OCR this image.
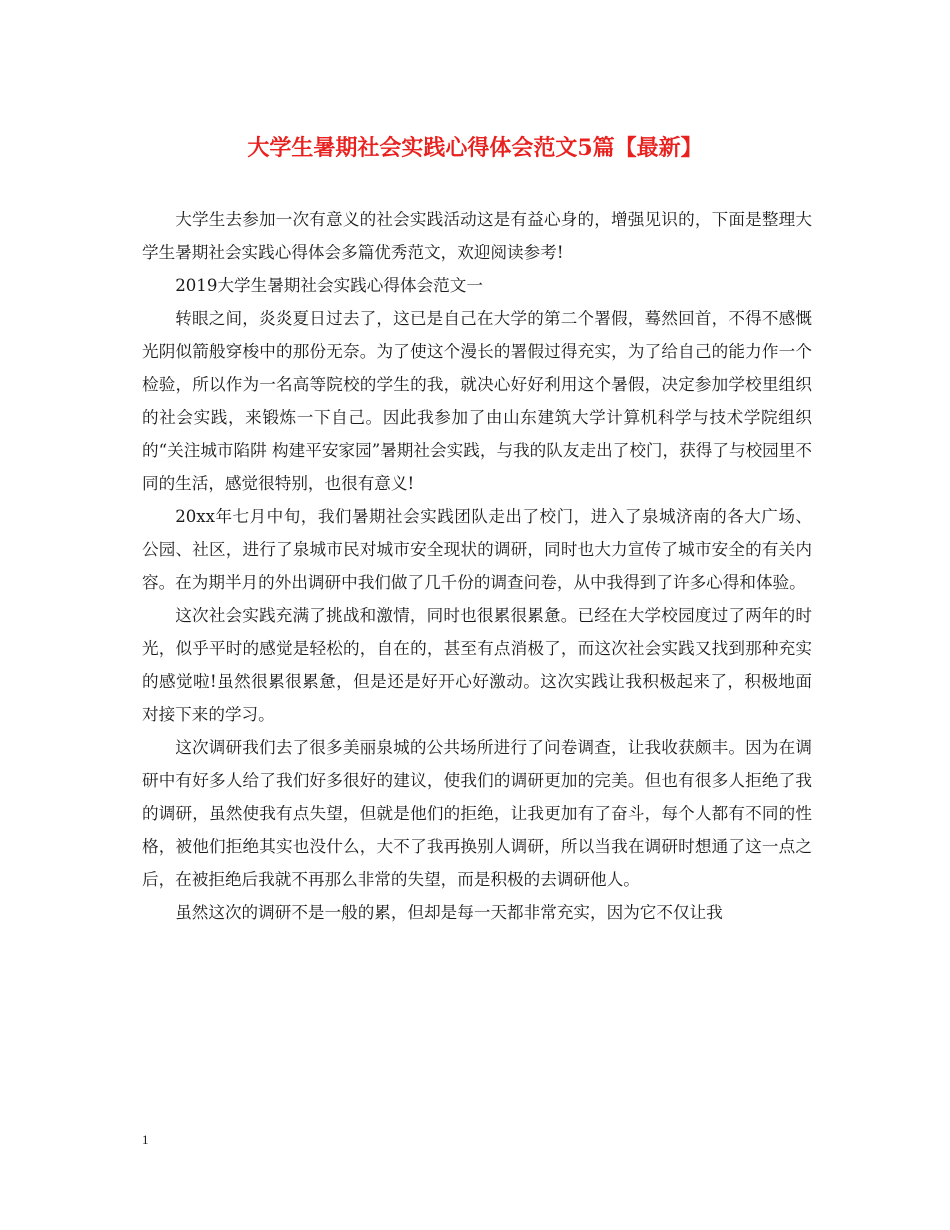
大学生暑期社会实践心得体会范文5篇【最新】

大学生去参加一次有意义的社会实践活动这是有益心身的，增强见识的，下面是整理大学生暑期社会实践心得体会多篇优秀范文，欢迎阅读参考!

2019大学生暑期社会实践心得体会范文一

转眼之间，炎炎夏日过去了，这已是自己在大学的第二个署假，蓦然回首，不得不感慨光阴似箭般穿梭中的那份无奈。为了使这个漫长的署假过得充实，为了给自己的能力作一个检验，所以作为一名高等院校的学生的我，就决心好好利用这个暑假，决定参加学校里组织的社会实践，来锻炼一下自己。因此我参加了由山东建筑大学计算机科学与技术学院组织的“关注城市陷阱 构建平安家园”暑期社会实践，与我的队友走出了校门，获得了与校园里不同的生活，感觉很特别，也很有意义!

20xx年七月中旬，我们暑期社会实践团队走出了校门，进入了泉城济南的各大广场、公园、社区，进行了泉城市民对城市安全现状的调研，同时也大力宣传了城市安全的有关内容。在为期半月的外出调研中我们做了几千份的调查问卷，从中我得到了许多心得和体验。

这次社会实践充满了挑战和激情，同时也很累很累惫。已经在大学校园度过了两年的时光，似乎平时的感觉是轻松的，自在的，甚至有点消极了，而这次社会实践又找到那种充实的感觉啦!虽然很累很累惫，但是还是好开心好激动。这次实践让我积极起来了，积极地面对接下来的学习。

这次调研我们去了很多美丽泉城的公共场所进行了问卷调查，让我收获颇丰。因为在调研中有好多人给了我们好多很好的建议，使我们的调研更加的完美。但也有很多人拒绝了我的调研，虽然使我有点失望，但就是他们的拒绝，让我更加有了奋斗，每个人都有不同的性格，被他们拒绝其实也没什么，大不了我再换别人调研，所以当我在调研时想通了这一点之后，在被拒绝后我就不再那么非常的失望，而是积极的去调研他人。

虽然这次的调研不是一般的累，但却是每一天都非常充实，因为它不仅让我

1
